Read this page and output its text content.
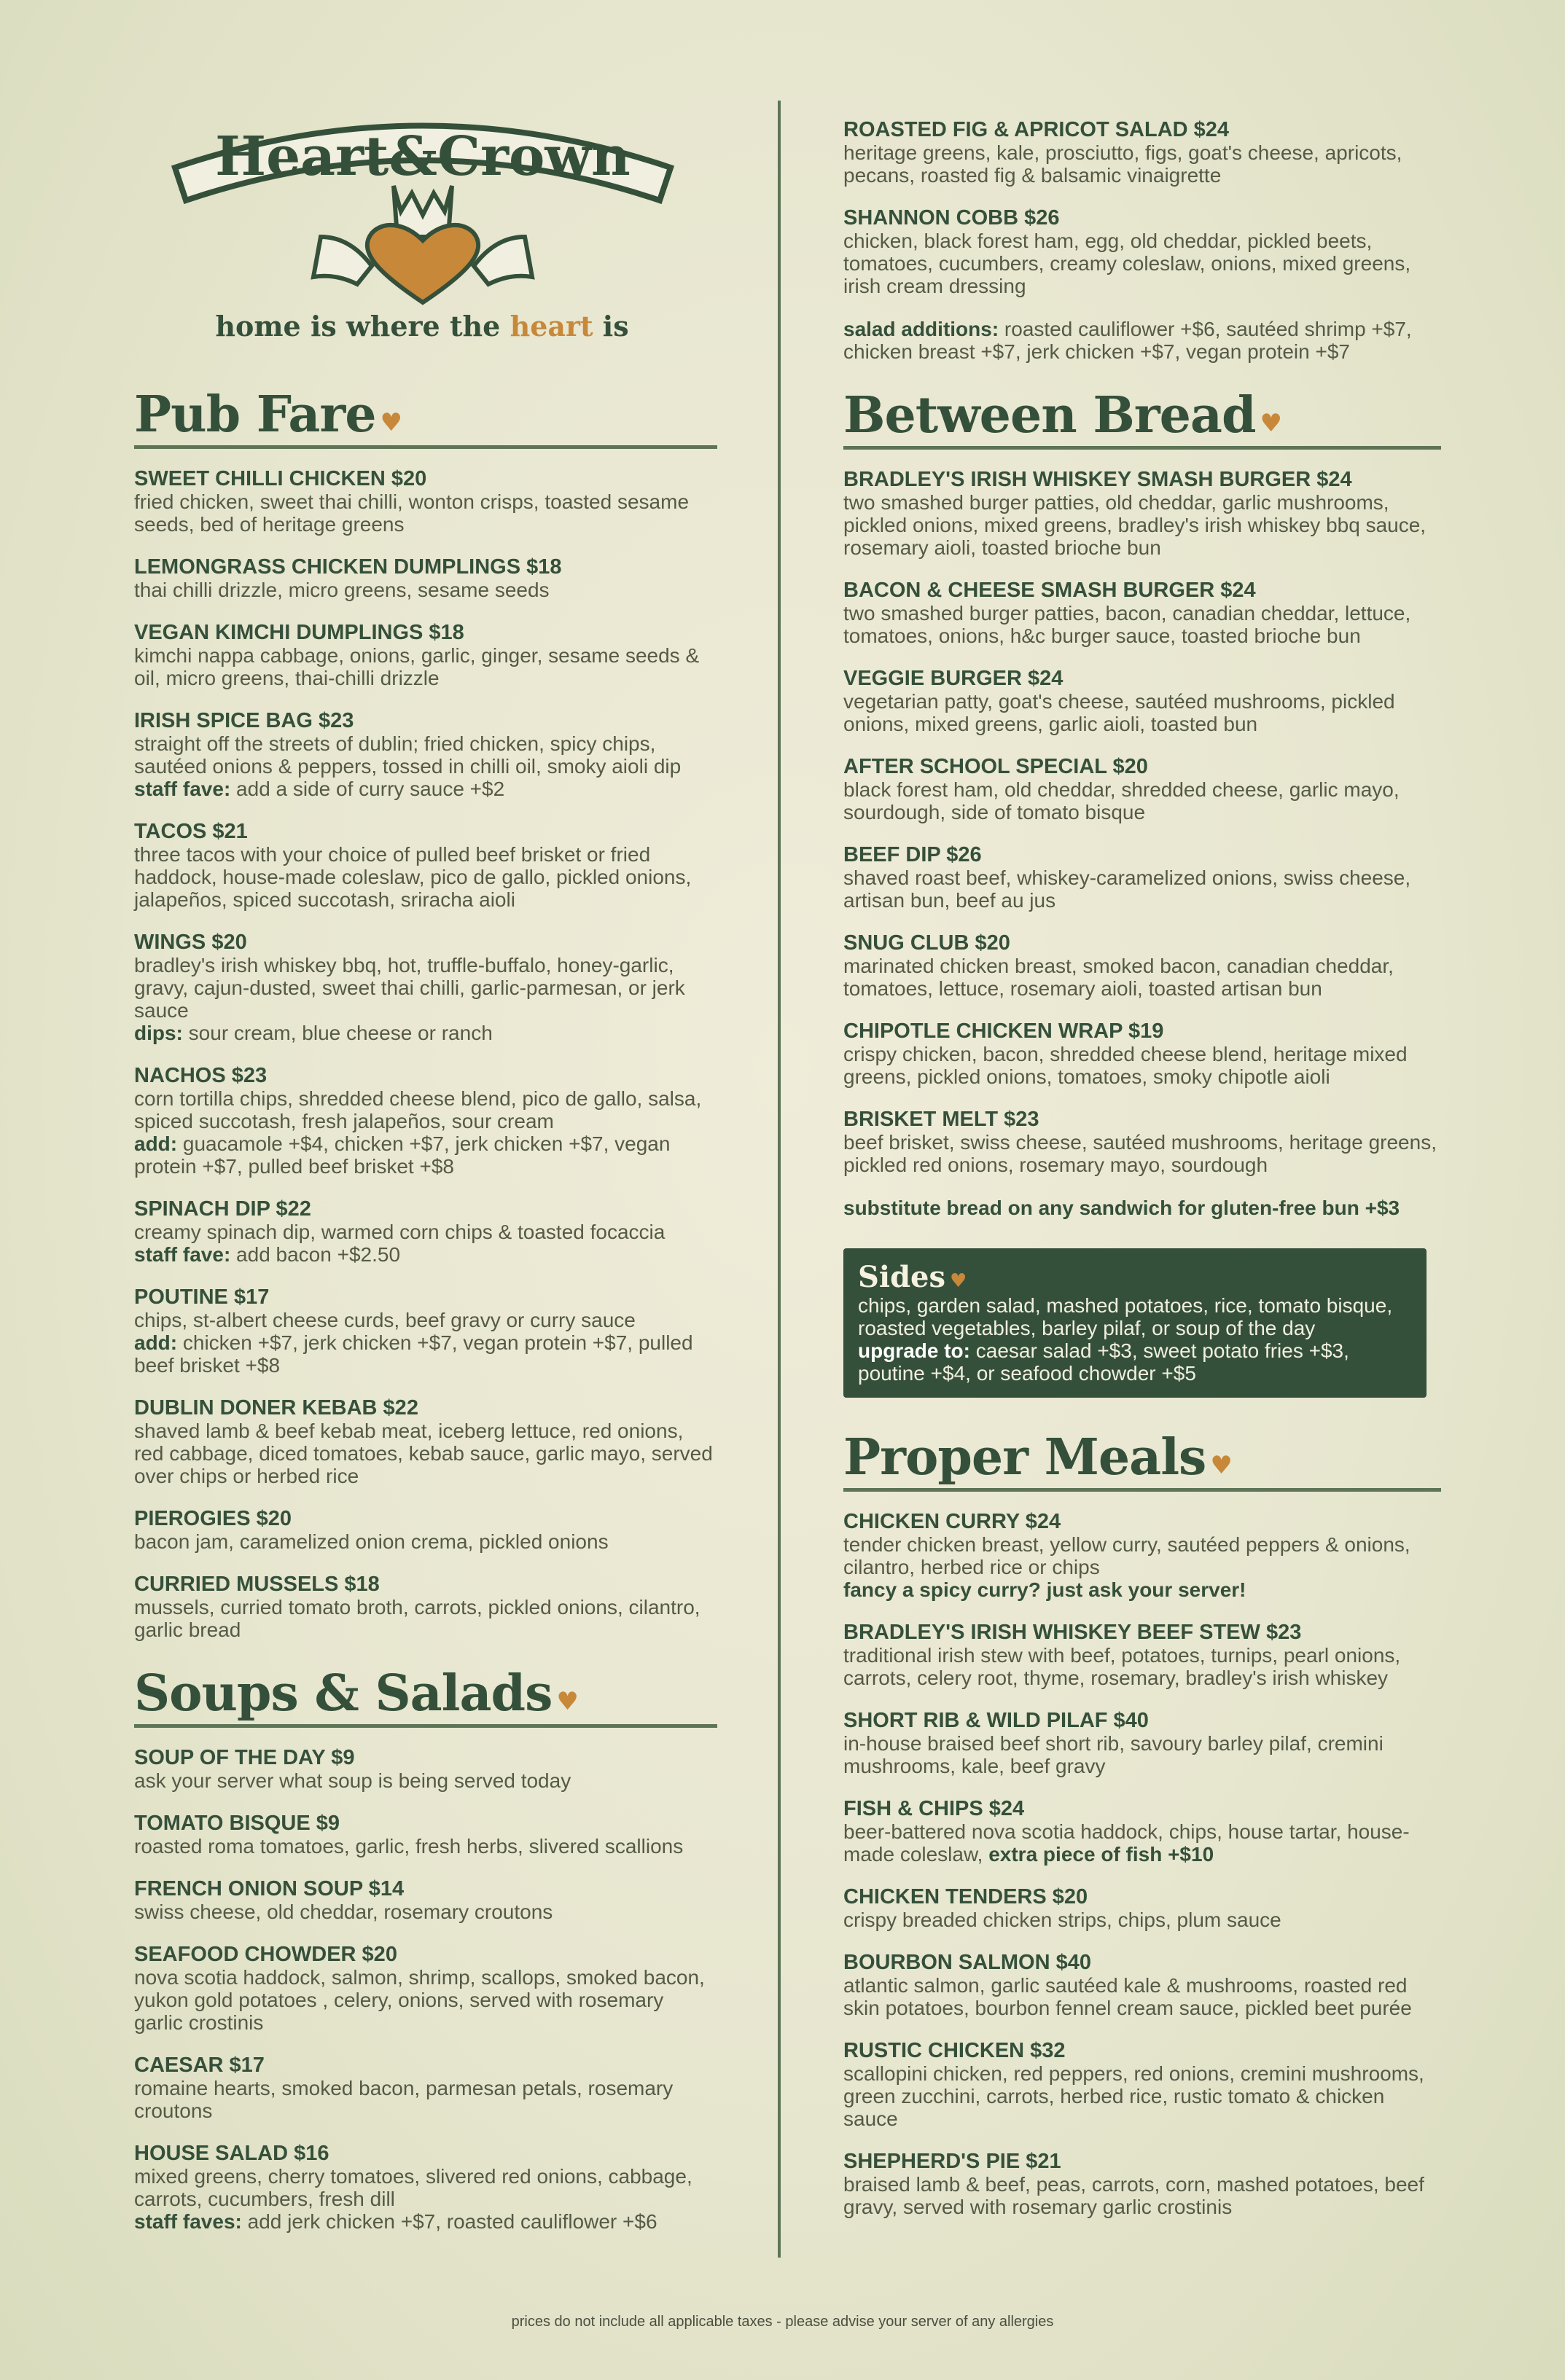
Heart&Crown
home is where the heart is
Pub Fare ♥
SWEET CHILLI CHICKEN $20
fried chicken, sweet thai chilli, wonton crisps, toasted sesame seeds, bed of heritage greens
LEMONGRASS CHICKEN DUMPLINGS $18
thai chilli drizzle, micro greens, sesame seeds
VEGAN KIMCHI DUMPLINGS $18
kimchi nappa cabbage, onions, garlic, ginger, sesame seeds & oil, micro greens, thai-chilli drizzle
IRISH SPICE BAG $23
straight off the streets of dublin; fried chicken, spicy chips, sautéed onions & peppers, tossed in chilli oil, smoky aioli dip
staff fave: add a side of curry sauce +$2
TACOS $21
three tacos with your choice of pulled beef brisket or fried haddock, house-made coleslaw, pico de gallo, pickled onions, jalapeños, spiced succotash, sriracha aioli
WINGS $20
bradley's irish whiskey bbq, hot, truffle-buffalo, honey-garlic, gravy, cajun-dusted, sweet thai chilli, garlic-parmesan, or jerk sauce
dips: sour cream, blue cheese or ranch
NACHOS $23
corn tortilla chips, shredded cheese blend, pico de gallo, salsa, spiced succotash, fresh jalapeños, sour cream
add: guacamole +$4, chicken +$7, jerk chicken +$7, vegan protein +$7, pulled beef brisket +$8
SPINACH DIP $22
creamy spinach dip, warmed corn chips & toasted focaccia
staff fave: add bacon +$2.50
POUTINE $17
chips, st-albert cheese curds, beef gravy or curry sauce
add: chicken +$7, jerk chicken +$7, vegan protein +$7, pulled beef brisket +$8
DUBLIN DONER KEBAB $22
shaved lamb & beef kebab meat, iceberg lettuce, red onions, red cabbage, diced tomatoes, kebab sauce, garlic mayo, served over chips or herbed rice
PIEROGIES $20
bacon jam, caramelized onion crema, pickled onions
CURRIED MUSSELS $18
mussels, curried tomato broth, carrots, pickled onions, cilantro, garlic bread
Soups & Salads ♥
SOUP OF THE DAY $9
ask your server what soup is being served today
TOMATO BISQUE $9
roasted roma tomatoes, garlic, fresh herbs, slivered scallions
FRENCH ONION SOUP $14
swiss cheese, old cheddar, rosemary croutons
SEAFOOD CHOWDER $20
nova scotia haddock, salmon, shrimp, scallops, smoked bacon, yukon gold potatoes , celery, onions, served with rosemary garlic crostinis
CAESAR $17
romaine hearts, smoked bacon, parmesan petals, rosemary croutons
HOUSE SALAD $16
mixed greens, cherry tomatoes, slivered red onions, cabbage, carrots, cucumbers, fresh dill
staff faves: add jerk chicken +$7, roasted cauliflower +$6
ROASTED FIG & APRICOT SALAD $24
heritage greens, kale, prosciutto, figs, goat's cheese, apricots, pecans, roasted fig & balsamic vinaigrette
SHANNON COBB $26
chicken, black forest ham, egg, old cheddar, pickled beets, tomatoes, cucumbers, creamy coleslaw, onions, mixed greens, irish cream dressing
salad additions: roasted cauliflower +$6, sautéed shrimp +$7, chicken breast +$7, jerk chicken +$7, vegan protein +$7
Between Bread ♥
BRADLEY'S IRISH WHISKEY SMASH BURGER $24
two smashed burger patties, old cheddar, garlic mushrooms, pickled onions, mixed greens, bradley's irish whiskey bbq sauce, rosemary aioli, toasted brioche bun
BACON & CHEESE SMASH BURGER $24
two smashed burger patties, bacon, canadian cheddar, lettuce, tomatoes, onions, h&c burger sauce, toasted brioche bun
VEGGIE BURGER $24
vegetarian patty, goat's cheese, sautéed mushrooms, pickled onions, mixed greens, garlic aioli, toasted bun
AFTER SCHOOL SPECIAL $20
black forest ham, old cheddar, shredded cheese, garlic mayo, sourdough, side of tomato bisque
BEEF DIP $26
shaved roast beef, whiskey-caramelized onions, swiss cheese, artisan bun, beef au jus
SNUG CLUB $20
marinated chicken breast, smoked bacon, canadian cheddar, tomatoes, lettuce, rosemary aioli, toasted artisan bun
CHIPOTLE CHICKEN WRAP $19
crispy chicken, bacon, shredded cheese blend, heritage mixed greens, pickled onions, tomatoes, smoky chipotle aioli
BRISKET MELT $23
beef brisket, swiss cheese, sautéed mushrooms, heritage greens, pickled red onions, rosemary mayo, sourdough
substitute bread on any sandwich for gluten-free bun +$3
Sides ♥
chips, garden salad, mashed potatoes, rice, tomato bisque, roasted vegetables, barley pilaf, or soup of the day
upgrade to: caesar salad +$3, sweet potato fries +$3, poutine +$4, or seafood chowder +$5
Proper Meals ♥
CHICKEN CURRY $24
tender chicken breast, yellow curry, sautéed peppers & onions, cilantro, herbed rice or chips
fancy a spicy curry? just ask your server!
BRADLEY'S IRISH WHISKEY BEEF STEW $23
traditional irish stew with beef, potatoes, turnips, pearl onions, carrots, celery root, thyme, rosemary, bradley's irish whiskey
SHORT RIB & WILD PILAF $40
in-house braised beef short rib, savoury barley pilaf, cremini mushrooms, kale, beef gravy
FISH & CHIPS $24
beer-battered nova scotia haddock, chips, house tartar, house-made coleslaw, extra piece of fish +$10
CHICKEN TENDERS $20
crispy breaded chicken strips, chips, plum sauce
BOURBON SALMON $40
atlantic salmon, garlic sautéed kale & mushrooms, roasted red skin potatoes, bourbon fennel cream sauce, pickled beet purée
RUSTIC CHICKEN $32
scallopini chicken, red peppers, red onions, cremini mushrooms, green zucchini, carrots, herbed rice, rustic tomato & chicken sauce
SHEPHERD'S PIE $21
braised lamb & beef, peas, carrots, corn, mashed potatoes, beef gravy, served with rosemary garlic crostinis
prices do not include all applicable taxes - please advise your server of any allergies
